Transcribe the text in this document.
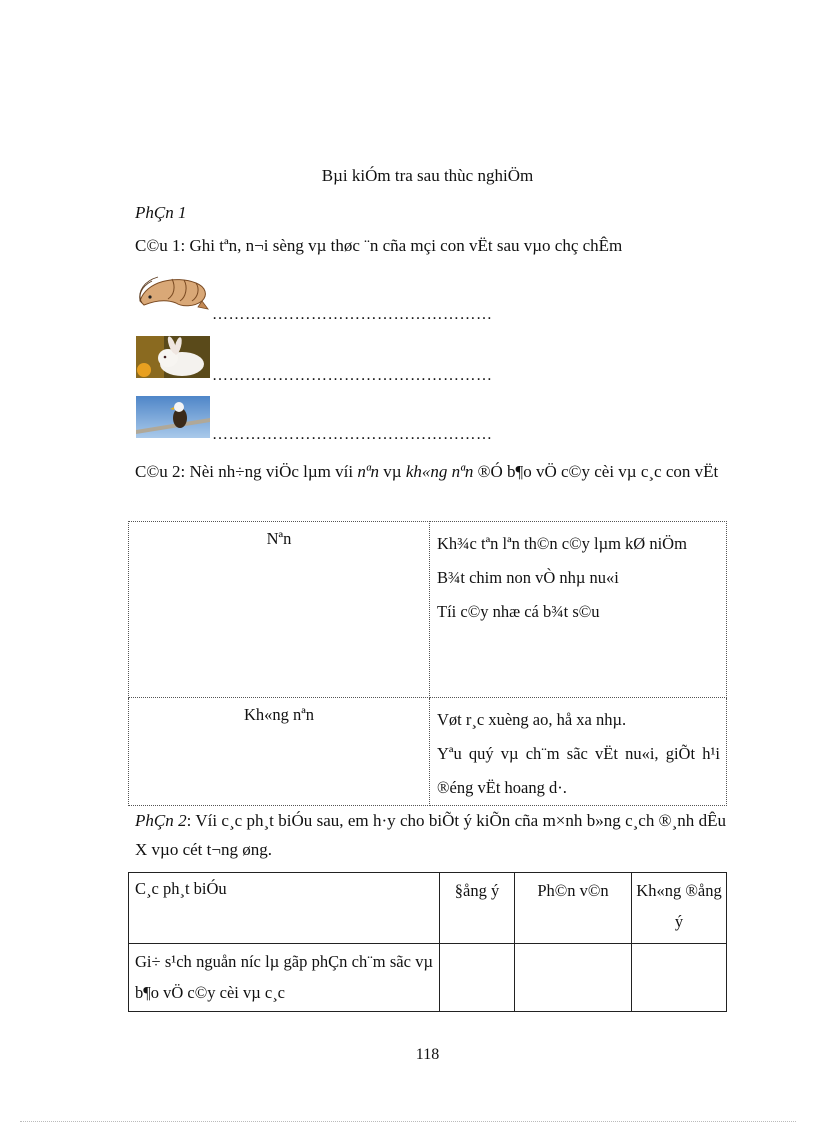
Bµi kiÓm tra sau thùc nghiÖm
PhÇn 1
C©u 1: Ghi tªn, n¬i sèng vµ thøc ¨n cña mçi con vËt sau vµo chç chÊm
……………………………………………
……………………………………………
……………………………………………
C©u 2: Nèi nh÷ng viÖc lµm víi nªn vµ kh«ng nªn ®Ó b¶o vÖ c©y cèi vµ c¸c con vËt
Nªn	Kh¾c tªn lªn th©n c©y lµm kØ niÖm
B¾t chim non vÒ nhµ nu«i
Tíi c©y nhæ cá b¾t s©u

Kh«ng nªn	Vøt r¸c xuèng ao, hå xa nhµ.
Yªu quý vµ ch¨m sãc vËt nu«i, giÕt h¹i ®éng vËt hoang d·.
PhÇn 2: Víi c¸c ph¸t biÓu sau, em h·y cho biÕt ý kiÕn cña m×nh b»ng c¸ch ®¸nh dÊu X vµo cét t¬ng øng.
C¸c ph¸t biÓu	§ång ý	Ph©n v©n	Kh«ng ®ång ý
Gi÷ s¹ch nguån níc lµ gãp phÇn ch¨m sãc vµ b¶o vÖ c©y cèi vµ c¸c			
118
